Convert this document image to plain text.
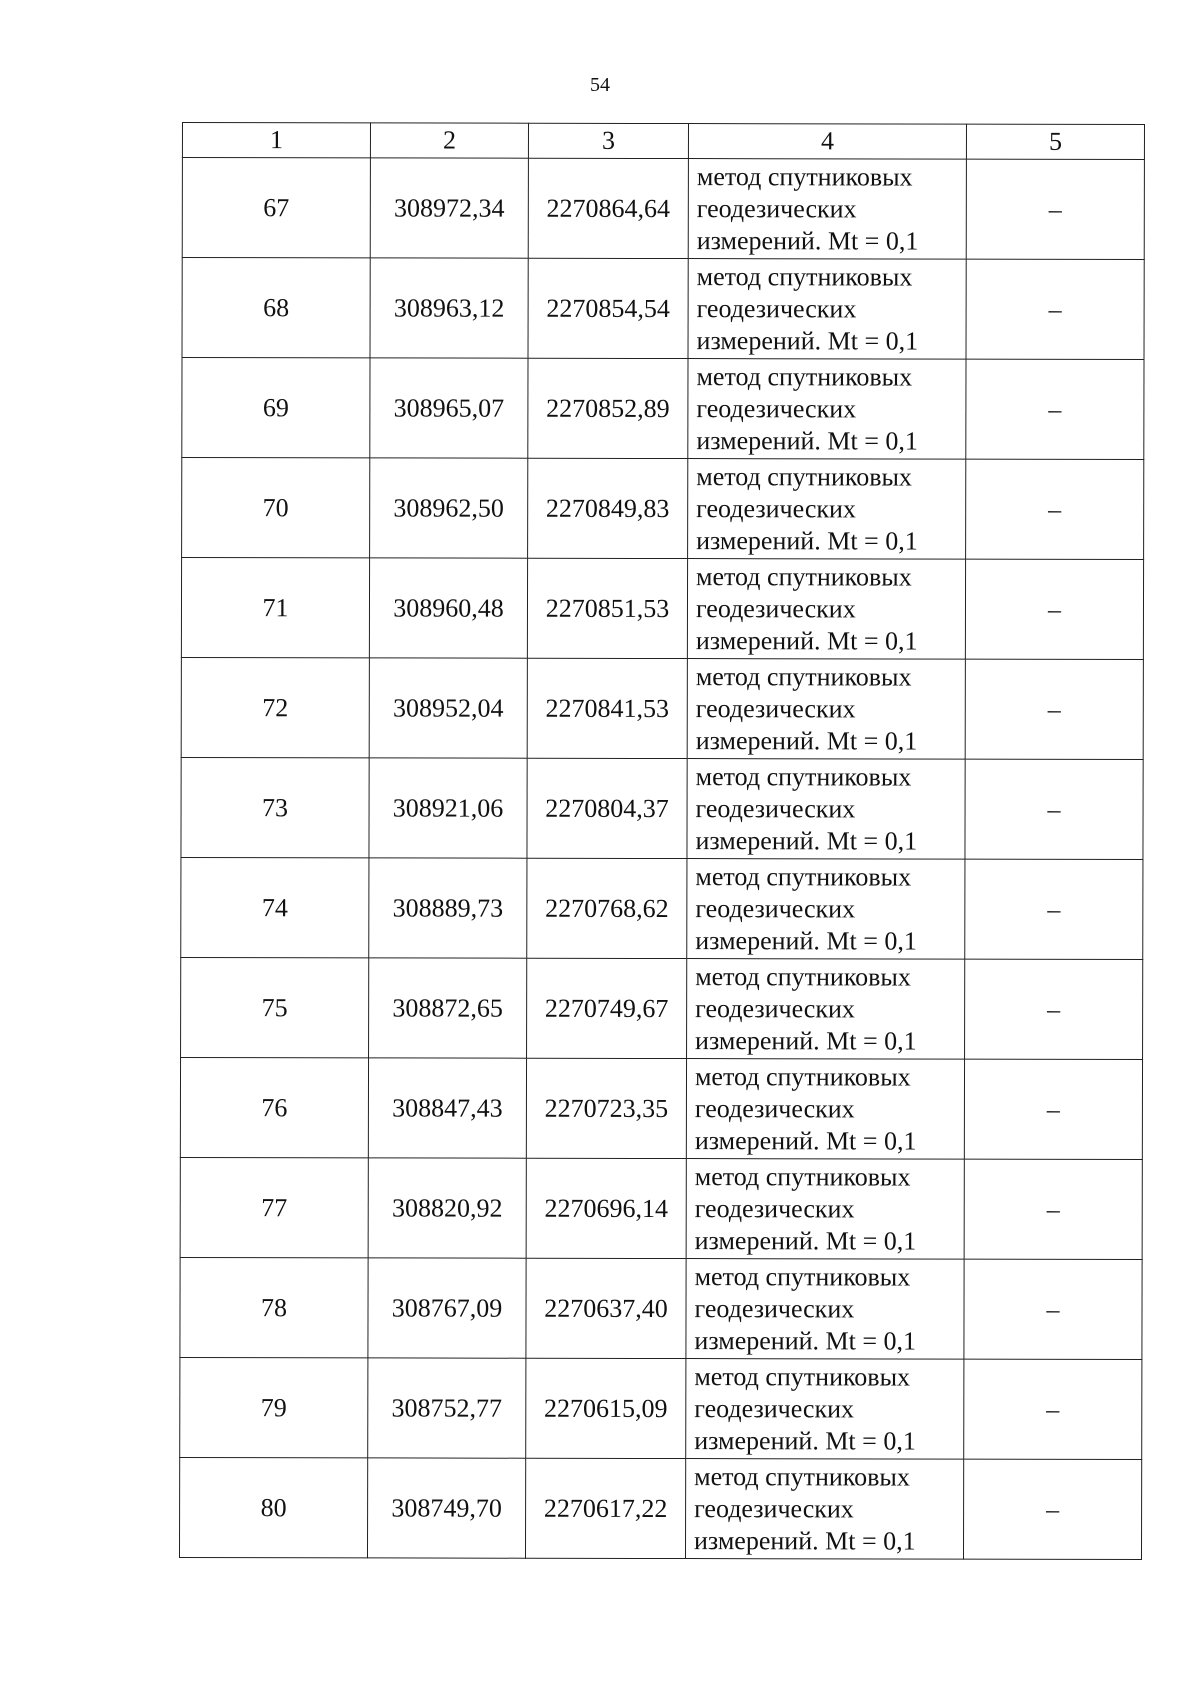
54
1	2	3	4	5
67	308972,34	2270864,64	метод спутниковых
геодезических
измерений. Mt = 0,1	–
68	308963,12	2270854,54	метод спутниковых
геодезических
измерений. Mt = 0,1	–
69	308965,07	2270852,89	метод спутниковых
геодезических
измерений. Mt = 0,1	–
70	308962,50	2270849,83	метод спутниковых
геодезических
измерений. Mt = 0,1	–
71	308960,48	2270851,53	метод спутниковых
геодезических
измерений. Mt = 0,1	–
72	308952,04	2270841,53	метод спутниковых
геодезических
измерений. Mt = 0,1	–
73	308921,06	2270804,37	метод спутниковых
геодезических
измерений. Mt = 0,1	–
74	308889,73	2270768,62	метод спутниковых
геодезических
измерений. Mt = 0,1	–
75	308872,65	2270749,67	метод спутниковых
геодезических
измерений. Mt = 0,1	–
76	308847,43	2270723,35	метод спутниковых
геодезических
измерений. Mt = 0,1	–
77	308820,92	2270696,14	метод спутниковых
геодезических
измерений. Mt = 0,1	–
78	308767,09	2270637,40	метод спутниковых
геодезических
измерений. Mt = 0,1	–
79	308752,77	2270615,09	метод спутниковых
геодезических
измерений. Mt = 0,1	–
80	308749,70	2270617,22	метод спутниковых
геодезических
измерений. Mt = 0,1	–
